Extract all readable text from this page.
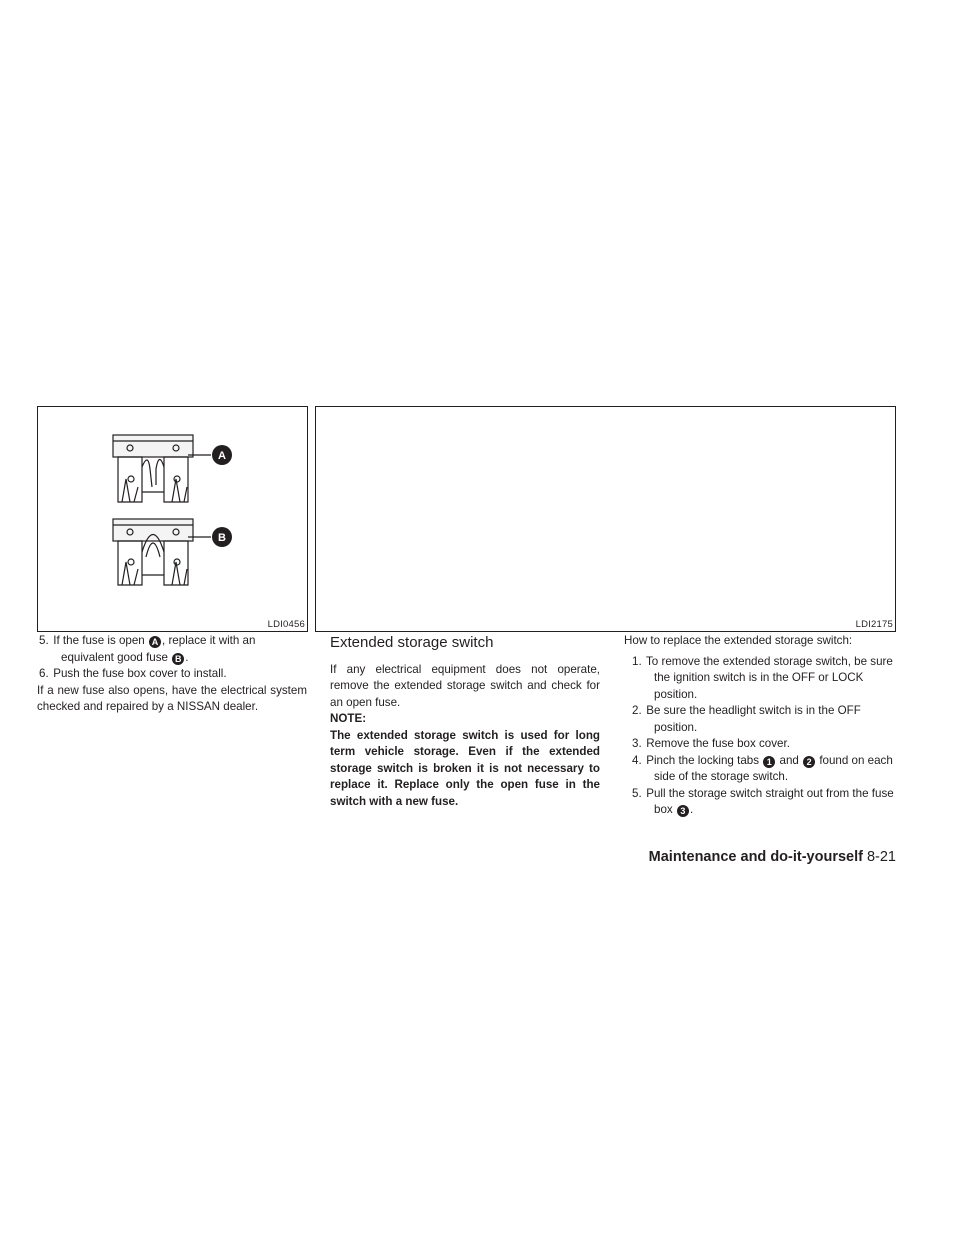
A
B
LDI0456	LDI2175

5. If the fuse is open A , replace it with an equivalent good fuse B .

6. Push the fuse box cover to install.

If a new fuse also opens, have the electrical system checked and repaired by a NISSAN dealer.

Extended storage switch

If any electrical equipment does not operate, remove the extended storage switch and check for an open fuse.

NOTE:

The extended storage switch is used for long term vehicle storage. Even if the extended storage switch is broken it is not necessary to replace it. Replace only the open fuse in the switch with a new fuse.

How to replace the extended storage switch:

1. To remove the extended storage switch, be sure the ignition switch is in the OFF or LOCK position.

2. Be sure the headlight switch is in the OFF position.

3. Remove the fuse box cover.

4. Pinch the locking tabs 1 and 2 found on each side of the storage switch.

5. Pull the storage switch straight out from the fuse box 3 .

Maintenance and do-it-yourself 8-21
